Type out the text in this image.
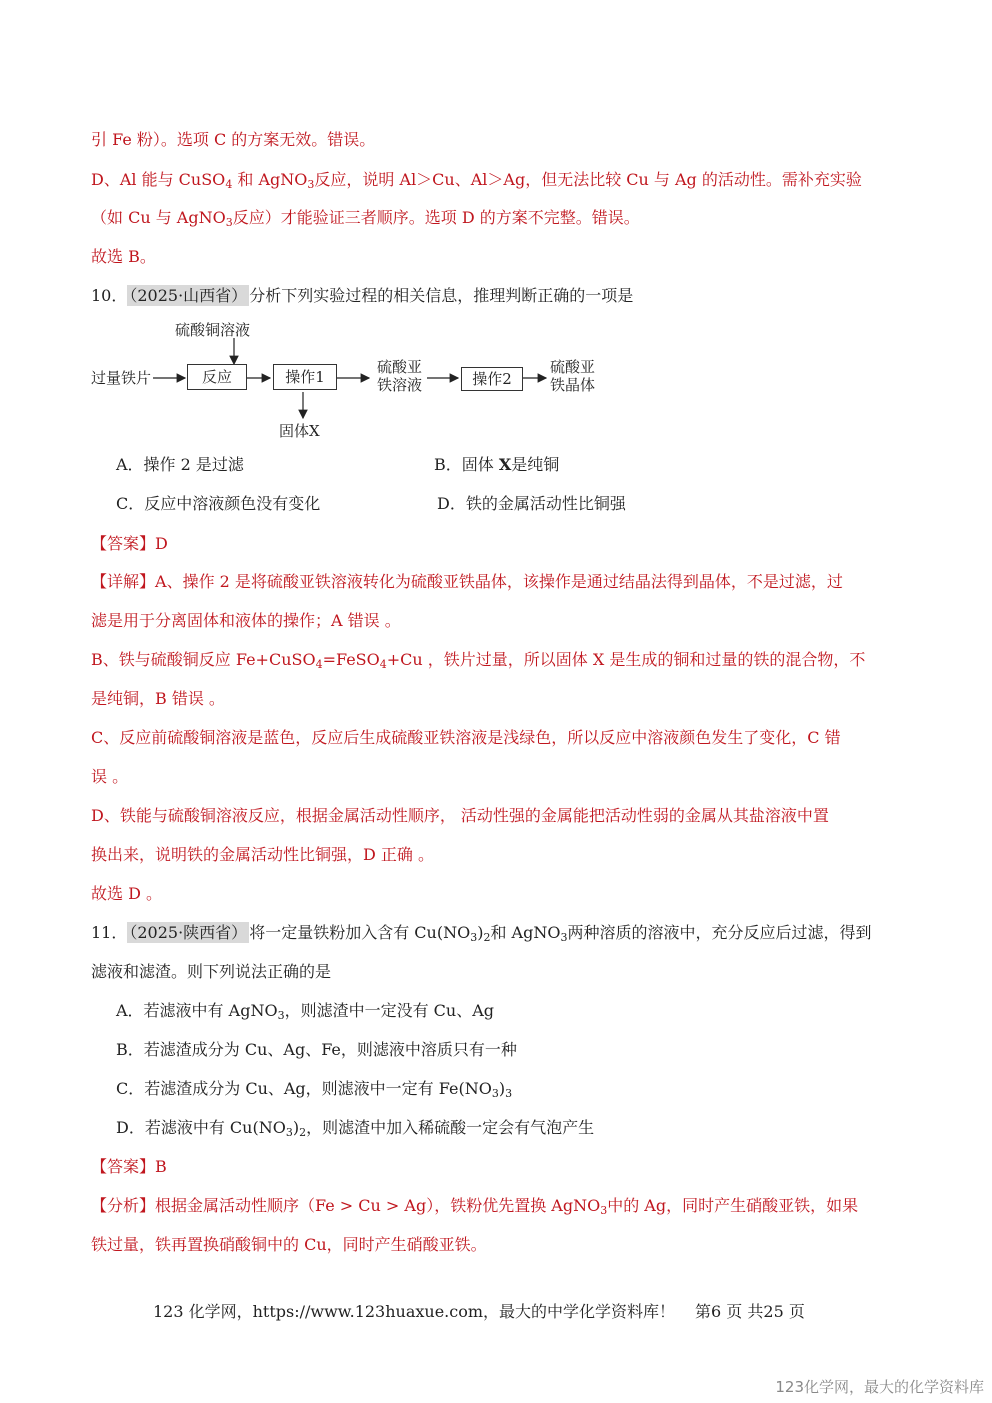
引 Fe 粉）。选项 C 的方案无效。错误。
D、Al 能与 CuSO$_4$ 和 AgNO$_3$反应，说明 Al＞Cu、Al＞Ag，但无法比较 Cu 与 Ag 的活动性。需补充实验
（如 Cu 与 AgNO$_3$反应）才能验证三者顺序。选项 D 的方案不完整。错误。
故选 B。
10． （2025·山西省） 分析下列实验过程的相关信息，推理判断正确的一项是
硫酸铜溶液
过量铁片	反应	操作1
固体X
硫酸亚
铁溶液	操作2
硫酸亚
铁晶体
A．操作 2 是过滤	B．固体 X是纯铜
C．反应中溶液颜色没有变化	D．铁的金属活动性比铜强
【答案】D
【详解】A、操作 2 是将硫酸亚铁溶液转化为硫酸亚铁晶体，该操作是通过结晶法得到晶体，不是过滤，过
滤是用于分离固体和液体的操作；A 错误 。
B、铁与硫酸铜反应 Fe+CuSO$_4$=FeSO$_4$+Cu ，铁片过量，所以固体 X 是生成的铜和过量的铁的混合物，不
是纯铜，B 错误 。
C、反应前硫酸铜溶液是蓝色，反应后生成硫酸亚铁溶液是浅绿色，所以反应中溶液颜色发生了变化，C 错
误 。
D、铁能与硫酸铜溶液反应，根据金属活动性顺序， 活动性强的金属能把活动性弱的金属从其盐溶液中置
换出来，说明铁的金属活动性比铜强，D 正确 。
故选 D 。
11． （2025·陕西省） 将一定量铁粉加入含有 $Cu(NO_3)_2$和 AgNO$_3$两种溶质的溶液中，充分反应后过滤，得到
滤液和滤渣。则下列说法正确的是
A．若滤液中有 AgNO$_3$，则滤渣中一定没有 Cu、Ag
B．若滤渣成分为 Cu、Ag、Fe，则滤液中溶质只有一种
C．若滤渣成分为 Cu、Ag，则滤液中一定有 $Fe(NO_3)_3$
D．若滤液中有 $Cu(NO_3)_2$，则滤渣中加入稀硫酸一定会有气泡产生
【答案】B
【分析】根据金属活动性顺序（Fe > Cu > Ag），铁粉优先置换 AgNO$_3$中的 Ag，同时产生硝酸亚铁，如果
铁过量，铁再置换硝酸铜中的 Cu，同时产生硝酸亚铁。
123 化学网，https://www.123huaxue.com，最大的中学化学资料库！ 第6 页 共25 页
123化学网，最大的化学资料库
